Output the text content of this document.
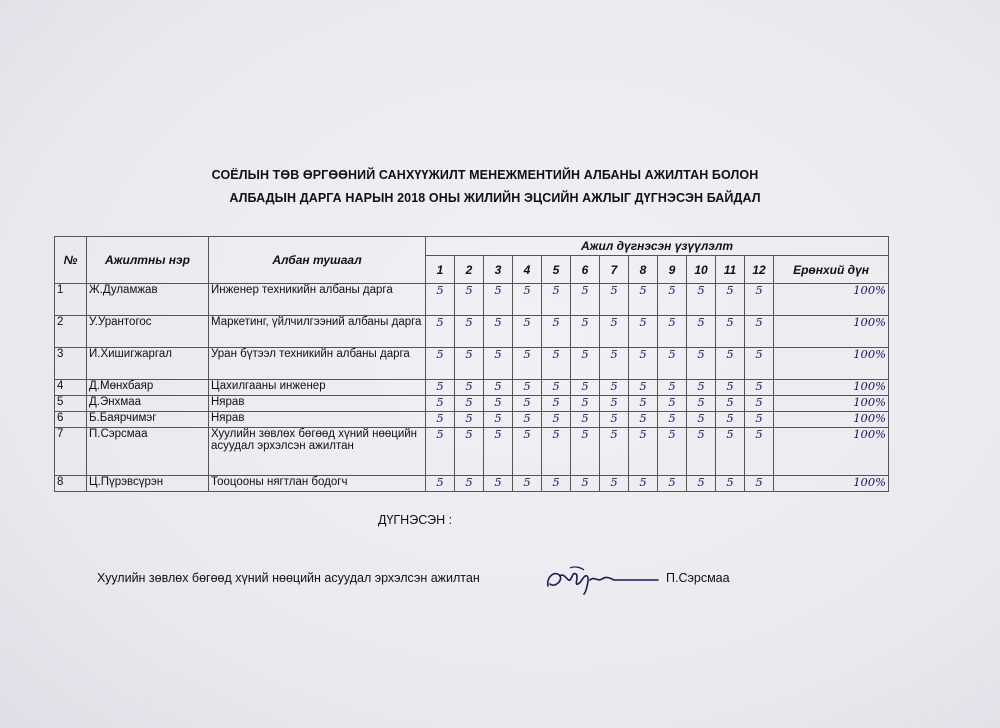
СОЁЛЫН ТӨВ ӨРГӨӨНИЙ САНХҮҮЖИЛТ МЕНЕЖМЕНТИЙН АЛБАНЫ АЖИЛТАН БОЛОН
АЛБАДЫН ДАРГА НАРЫН 2018 ОНЫ ЖИЛИЙН ЭЦСИЙН АЖЛЫГ ДҮГНЭСЭН БАЙДАЛ
№	Ажилтны нэр	Албан тушаал	Ажил дүгнэсэн үзүүлэлт												
			1	2	3	4	5	6	7	8	9	10	11	12	Ерөнхий дүн
1	Ж.Дуламжав	Инженер техникийн албаны дарга	5	5	5	5	5	5	5	5	5	5	5	5	100%
2	У.Урантогос	Маркетинг, үйлчилгээний албаны дарга	5	5	5	5	5	5	5	5	5	5	5	5	100%
3	И.Хишигжаргал	Уран бүтээл техникийн албаны дарга	5	5	5	5	5	5	5	5	5	5	5	5	100%
4	Д.Мөнхбаяр	Цахилгааны инженер	5	5	5	5	5	5	5	5	5	5	5	5	100%
5	Д.Энхмаа	Нярав	5	5	5	5	5	5	5	5	5	5	5	5	100%
6	Б.Баярчимэг	Нярав	5	5	5	5	5	5	5	5	5	5	5	5	100%
7	П.Сэрсмаа	Хуулийн зөвлөх бөгөөд хүний нөөцийн асуудал эрхэлсэн ажилтан	5	5	5	5	5	5	5	5	5	5	5	5	100%
8	Ц.Пүрэвсүрэн	Тооцооны нягтлан бодогч	5	5	5	5	5	5	5	5	5	5	5	5	100%
ДҮГНЭСЭН :
Хуулийн зөвлөх бөгөөд хүний нөөцийн асуудал эрхэлсэн ажилтан	П.Сэрсмаа
